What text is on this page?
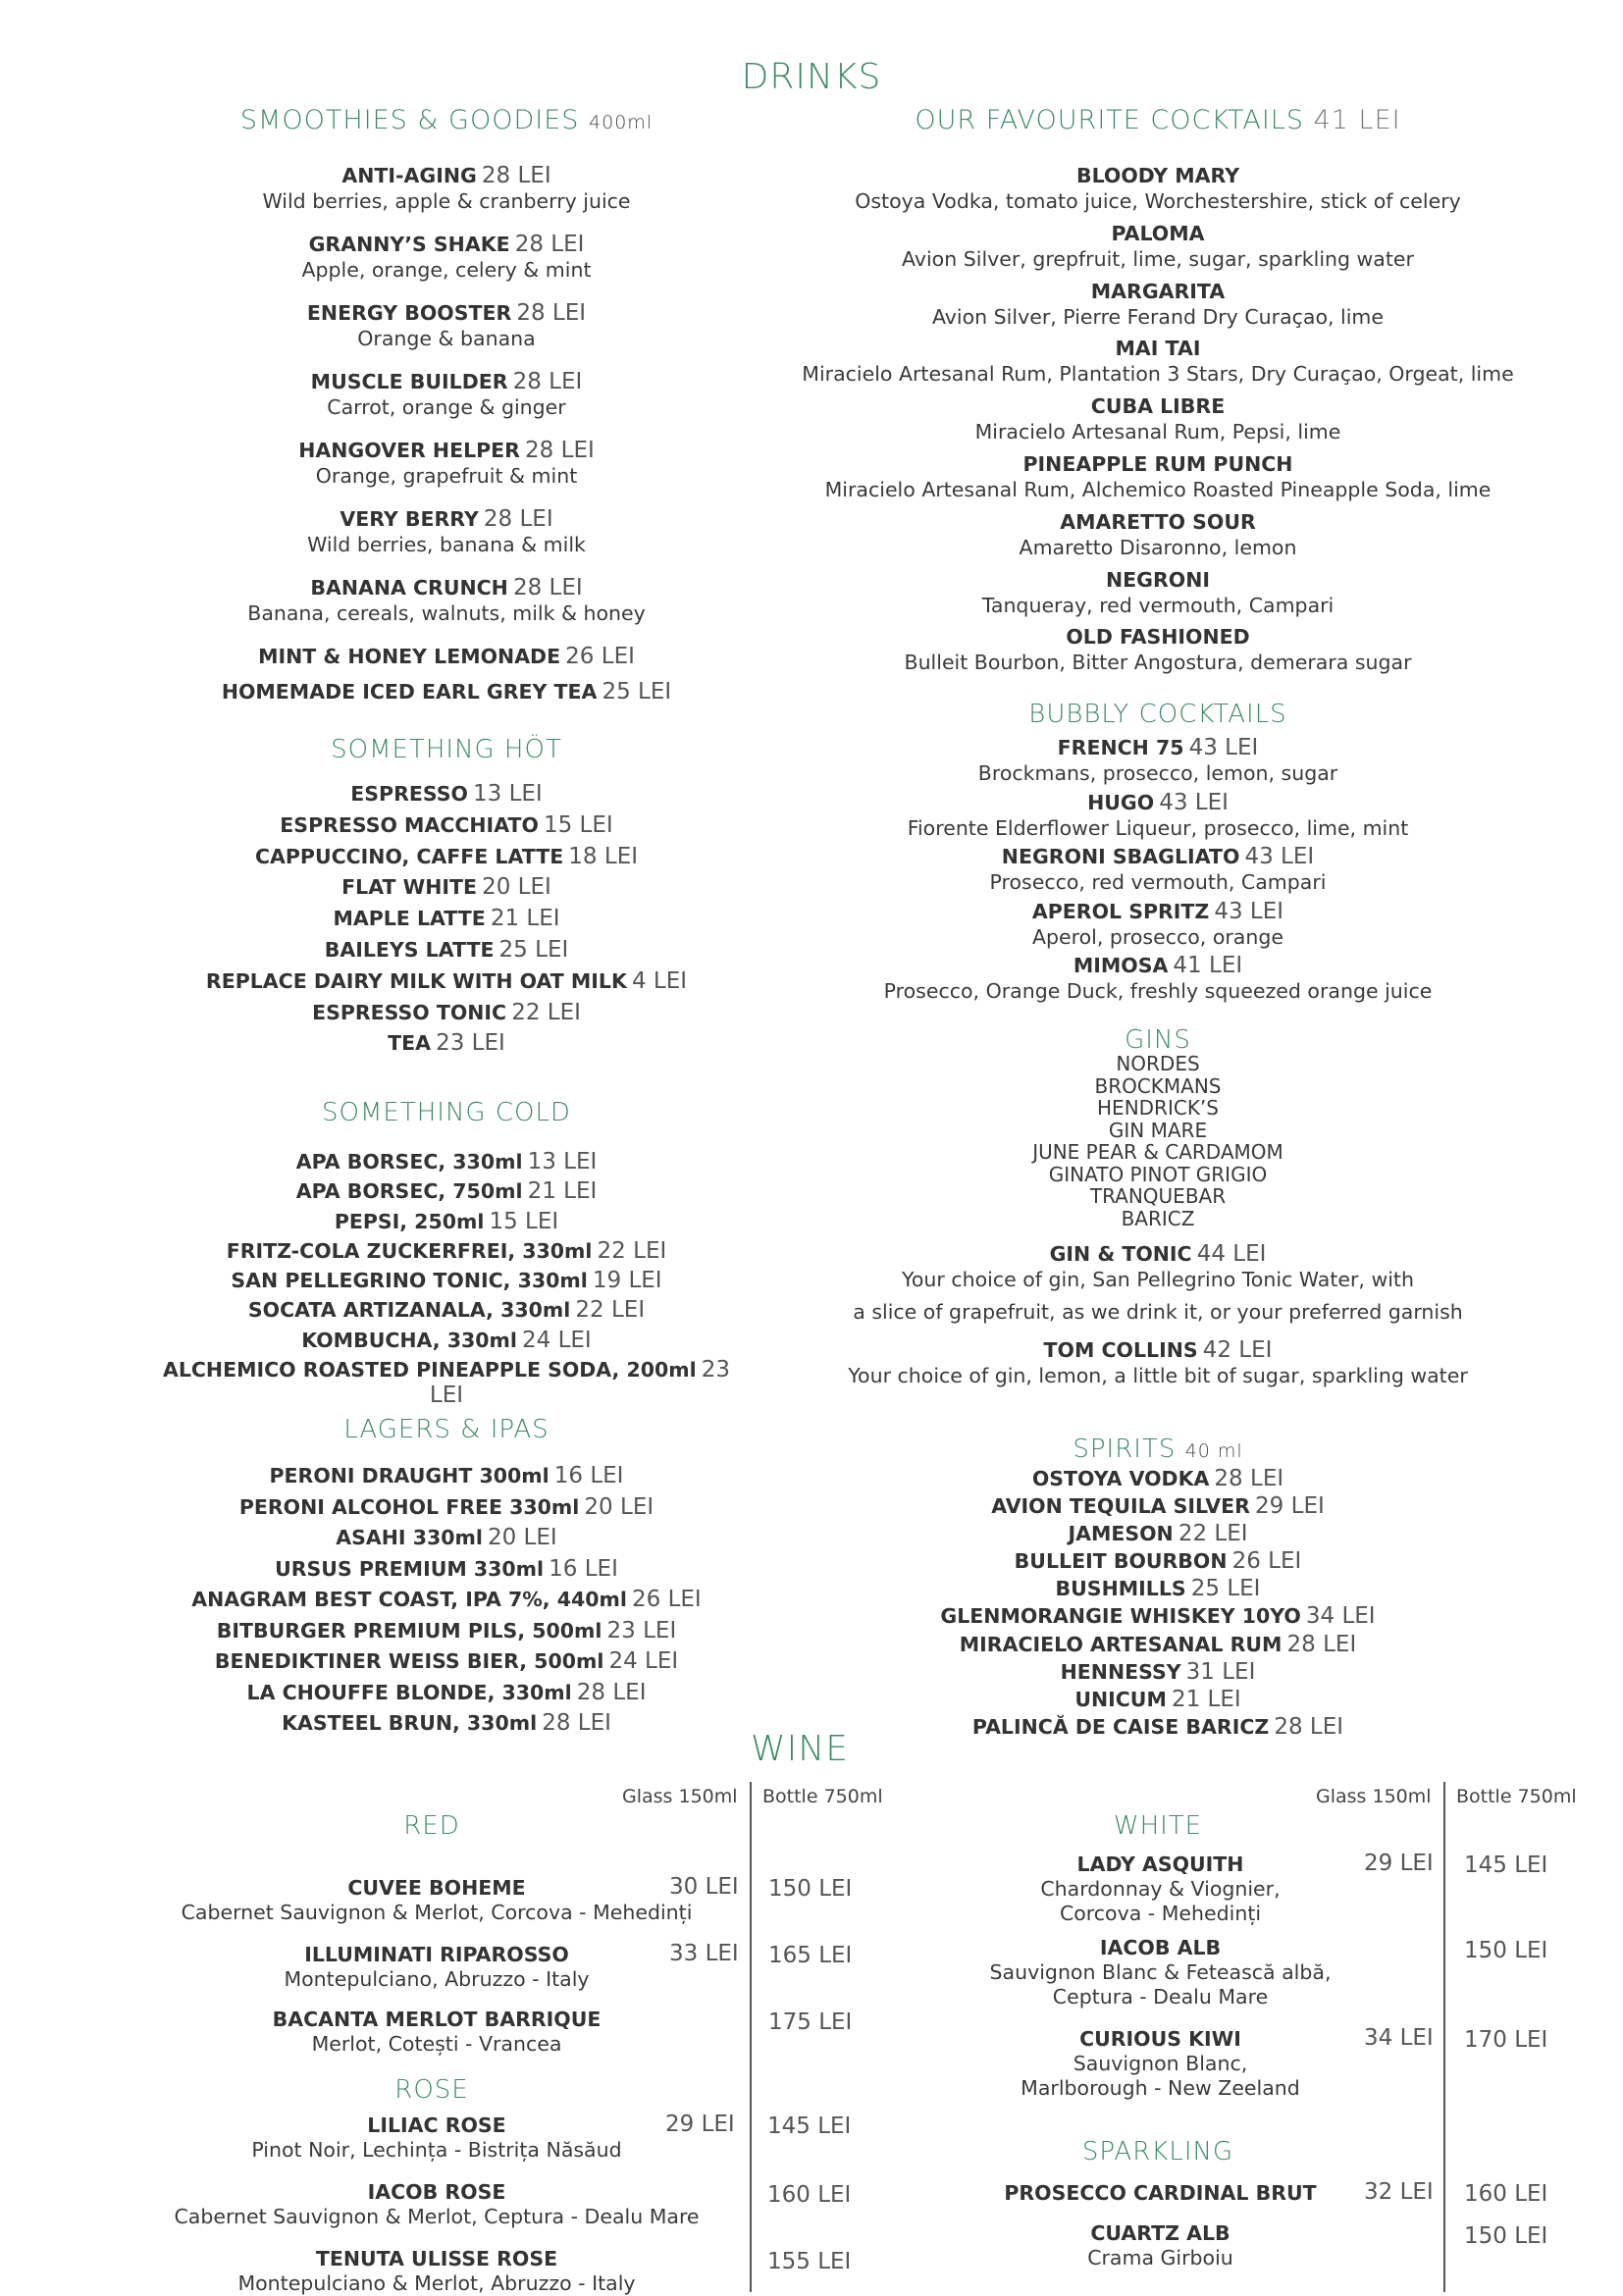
DRINKS
SMOOTHIES & GOODIES 400ml
ANTI-AGING 28 LEI
Wild berries, apple & cranberry juice
GRANNY’S SHAKE 28 LEI
Apple, orange, celery & mint
ENERGY BOOSTER 28 LEI
Orange & banana
MUSCLE BUILDER 28 LEI
Carrot, orange & ginger
HANGOVER HELPER 28 LEI
Orange, grapefruit & mint
VERY BERRY 28 LEI
Wild berries, banana & milk
BANANA CRUNCH 28 LEI
Banana, cereals, walnuts, milk & honey
MINT & HONEY LEMONADE 26 LEI
HOMEMADE ICED EARL GREY TEA 25 LEI
SOMETHING HÖT
ESPRESSO 13 LEI
ESPRESSO MACCHIATO 15 LEI
CAPPUCCINO, CAFFE LATTE 18 LEI
FLAT WHITE 20 LEI
MAPLE LATTE 21 LEI
BAILEYS LATTE 25 LEI
REPLACE DAIRY MILK WITH OAT MILK 4 LEI
ESPRESSO TONIC 22 LEI
TEA 23 LEI
SOMETHING COLD
APA BORSEC, 330ml 13 LEI
APA BORSEC, 750ml 21 LEI
PEPSI, 250ml 15 LEI
FRITZ-COLA ZUCKERFREI, 330ml 22 LEI
SAN PELLEGRINO TONIC, 330ml 19 LEI
SOCATA ARTIZANALA, 330ml 22 LEI
KOMBUCHA, 330ml 24 LEI
ALCHEMICO ROASTED PINEAPPLE SODA, 200ml 23 LEI
LAGERS & IPAS
PERONI DRAUGHT 300ml 16 LEI
PERONI ALCOHOL FREE 330ml 20 LEI
ASAHI 330ml 20 LEI
URSUS PREMIUM 330ml 16 LEI
ANAGRAM BEST COAST, IPA 7%, 440ml 26 LEI
BITBURGER PREMIUM PILS, 500ml 23 LEI
BENEDIKTINER WEISS BIER, 500ml 24 LEI
LA CHOUFFE BLONDE, 330ml 28 LEI
KASTEEL BRUN, 330ml 28 LEI
OUR FAVOURITE COCKTAILS 41 LEI
BLOODY MARY
Ostoya Vodka, tomato juice, Worchestershire, stick of celery
PALOMA
Avion Silver, grepfruit, lime, sugar, sparkling water
MARGARITA
Avion Silver, Pierre Ferand Dry Curaçao, lime
MAI TAI
Miracielo Artesanal Rum, Plantation 3 Stars, Dry Curaçao, Orgeat, lime
CUBA LIBRE
Miracielo Artesanal Rum, Pepsi, lime
PINEAPPLE RUM PUNCH
Miracielo Artesanal Rum, Alchemico Roasted Pineapple Soda, lime
AMARETTO SOUR
Amaretto Disaronno, lemon
NEGRONI
Tanqueray, red vermouth, Campari
OLD FASHIONED
Bulleit Bourbon, Bitter Angostura, demerara sugar
BUBBLY COCKTAILS
FRENCH 75 43 LEI
Brockmans, prosecco, lemon, sugar
HUGO 43 LEI
Fiorente Elderflower Liqueur, prosecco, lime, mint
NEGRONI SBAGLIATO 43 LEI
Prosecco, red vermouth, Campari
APEROL SPRITZ 43 LEI
Aperol, prosecco, orange
MIMOSA 41 LEI
Prosecco, Orange Duck, freshly squeezed orange juice
GINS
NORDES
BROCKMANS
HENDRICK’S
GIN MARE
JUNE PEAR & CARDAMOM
GINATO PINOT GRIGIO
TRANQUEBAR
BARICZ
GIN & TONIC 44 LEI
Your choice of gin, San Pellegrino Tonic Water, with
a slice of grapefruit, as we drink it, or your preferred garnish
TOM COLLINS 42 LEI
Your choice of gin, lemon, a little bit of sugar, sparkling water
SPIRITS 40 ml
OSTOYA VODKA 28 LEI
AVION TEQUILA SILVER 29 LEI
JAMESON 22 LEI
BULLEIT BOURBON 26 LEI
BUSHMILLS 25 LEI
GLENMORANGIE WHISKEY 10YO 34 LEI
MIRACIELO ARTESANAL RUM 28 LEI
HENNESSY 31 LEI
UNICUM 21 LEI
PALINCĂ DE CAISE BARICZ 28 LEI
WINE
Glass 150ml Bottle 750ml	Glass 150ml Bottle 750ml
RED
CUVEE BOHEME
Cabernet Sauvignon & Merlot, Corcova - Mehedinți
30 LEI 150 LEI
ILLUMINATI RIPAROSSO
Montepulciano, Abruzzo - Italy
33 LEI 165 LEI
BACANTA MERLOT BARRIQUE
Merlot, Cotești - Vrancea
175 LEI
ROSE
LILIAC ROSE
Pinot Noir, Lechința - Bistrița Năsăud
29 LEI 145 LEI
IACOB ROSE
Cabernet Sauvignon & Merlot, Ceptura - Dealu Mare
160 LEI
TENUTA ULISSE ROSE
Montepulciano & Merlot, Abruzzo - Italy
155 LEI
WHITE
LADY ASQUITH
Chardonnay & Viognier,
Corcova - Mehedinți
29 LEI 145 LEI
IACOB ALB
Sauvignon Blanc & Fetească albă,
Ceptura - Dealu Mare
150 LEI
CURIOUS KIWI
Sauvignon Blanc,
Marlborough - New Zeeland
34 LEI 170 LEI
SPARKLING
PROSECCO CARDINAL BRUT	32 LEI 160 LEI
CUARTZ ALB
Crama Girboiu
150 LEI
